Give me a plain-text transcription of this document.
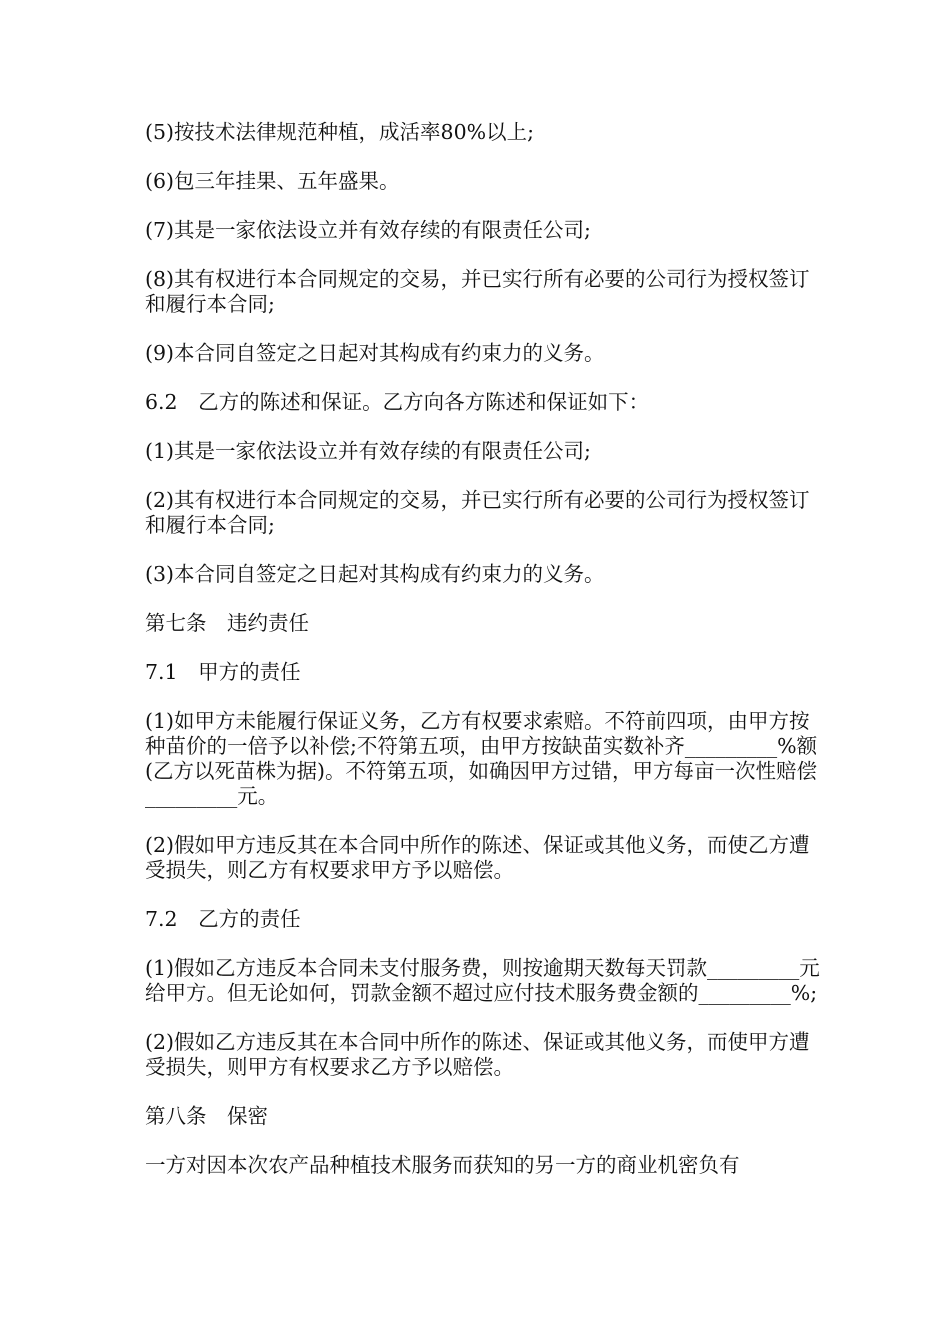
(5)按技术法律规范种植，成活率80%以上;

(6)包三年挂果、五年盛果。

(7)其是一家依法设立并有效存续的有限责任公司;

(8)其有权进行本合同规定的交易，并已实行所有必要的公司行为授权签订和履行本合同;

(9)本合同自签定之日起对其构成有约束力的义务。

6.2　乙方的陈述和保证。乙方向各方陈述和保证如下：

(1)其是一家依法设立并有效存续的有限责任公司;

(2)其有权进行本合同规定的交易，并已实行所有必要的公司行为授权签订和履行本合同;

(3)本合同自签定之日起对其构成有约束力的义务。

第七条　违约责任

7.1　甲方的责任

(1)如甲方未能履行保证义务，乙方有权要求索赔。不符前四项，由甲方按种苗价的一倍予以补偿;不符第五项，由甲方按缺苗实数补齐_________%额(乙方以死苗株为据)。不符第五项，如确因甲方过错，甲方每亩一次性赔偿_________元。

(2)假如甲方违反其在本合同中所作的陈述、保证或其他义务，而使乙方遭受损失，则乙方有权要求甲方予以赔偿。

7.2　乙方的责任

(1)假如乙方违反本合同未支付服务费，则按逾期天数每天罚款_________元给甲方。但无论如何，罚款金额不超过应付技术服务费金额的_________%;

(2)假如乙方违反其在本合同中所作的陈述、保证或其他义务，而使甲方遭受损失，则甲方有权要求乙方予以赔偿。

第八条　保密

一方对因本次农产品种植技术服务而获知的另一方的商业机密负有
